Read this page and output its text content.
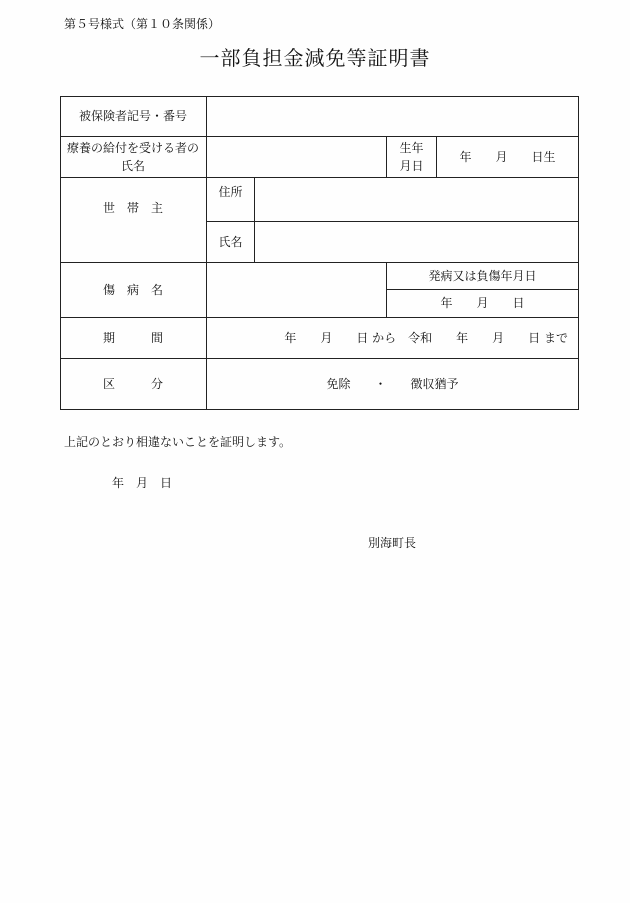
第５号様式（第１０条関係）
一部負担金減免等証明書
被保険者記号・番号
療養の給付を受ける者の
氏名
生年
月日
年　　月　　日生
世　帯　主
住所
氏名
傷　病　名
発病又は負傷年月日
年　　月　　日
期　　　間	年　　月　　日 から　令和　　年　　月　　日 まで
区　　　分	免除　　・　　徴収猶予
上記のとおり相違ないことを証明します。
年　月　日
別海町長
